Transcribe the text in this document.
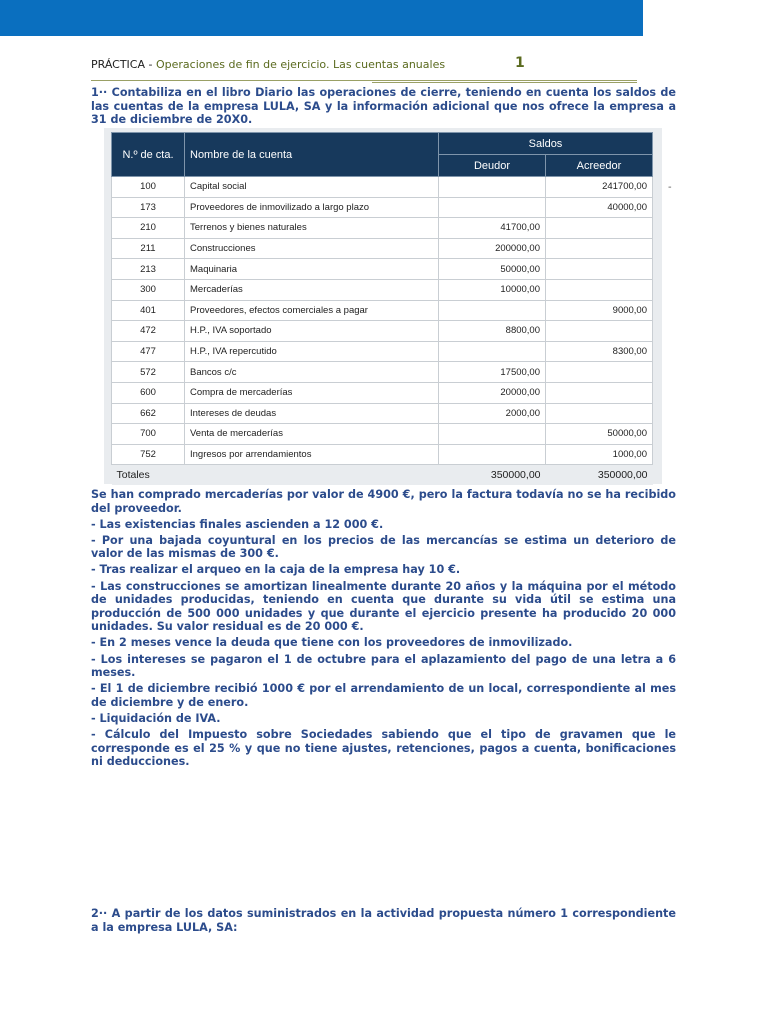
PRÁCTICA - Operaciones de fin de ejercicio. Las cuentas anuales	1
1·· Contabiliza en el libro Diario las operaciones de cierre, teniendo en cuenta los saldos de las cuentas de la empresa LULA, SA y la información adicional que nos ofrece la empresa a 31 de diciembre de 20X0.
N.º de cta.	Nombre de la cuenta	Saldos	
		Deudor	Acreedor
100	Capital social		241700,00
173	Proveedores de inmovilizado a largo plazo		40000,00
210	Terrenos y bienes naturales	41700,00	
211	Construcciones	200000,00	
213	Maquinaria	50000,00	
300	Mercaderías	10000,00	
401	Proveedores, efectos comerciales a pagar		9000,00
472	H.P., IVA soportado	8800,00	
477	H.P., IVA repercutido		8300,00
572	Bancos c/c	17500,00	
600	Compra de mercaderías	20000,00	
662	Intereses de deudas	2000,00	
700	Venta de mercaderías		50000,00
752	Ingresos por arrendamientos		1000,00
Totales		350000,00	350000,00
-

Se han comprado mercaderías por valor de 4900 €, pero la factura todavía no se ha recibido del proveedor.

- Las existencias finales ascienden a 12 000 €.

- Por una bajada coyuntural en los precios de las mercancías se estima un deterioro de valor de las mismas de 300 €.

- Tras realizar el arqueo en la caja de la empresa hay 10 €.

- Las construcciones se amortizan linealmente durante 20 años y la máquina por el método de unidades producidas, teniendo en cuenta que durante su vida útil se estima una producción de 500 000 unidades y que durante el ejercicio presente ha producido 20 000 unidades. Su valor residual es de 20 000 €.

- En 2 meses vence la deuda que tiene con los proveedores de inmovilizado.

- Los intereses se pagaron el 1 de octubre para el aplazamiento del pago de una letra a 6 meses.

- El 1 de diciembre recibió 1000 € por el arrendamiento de un local, correspondiente al mes de diciembre y de enero.

- Liquidación de IVA.

- Cálculo del Impuesto sobre Sociedades sabiendo que el tipo de gravamen que le corresponde es el 25 % y que no tiene ajustes, retenciones, pagos a cuenta, bonificaciones ni deducciones.

2·· A partir de los datos suministrados en la actividad propuesta número 1 correspondiente a la empresa LULA, SA:
